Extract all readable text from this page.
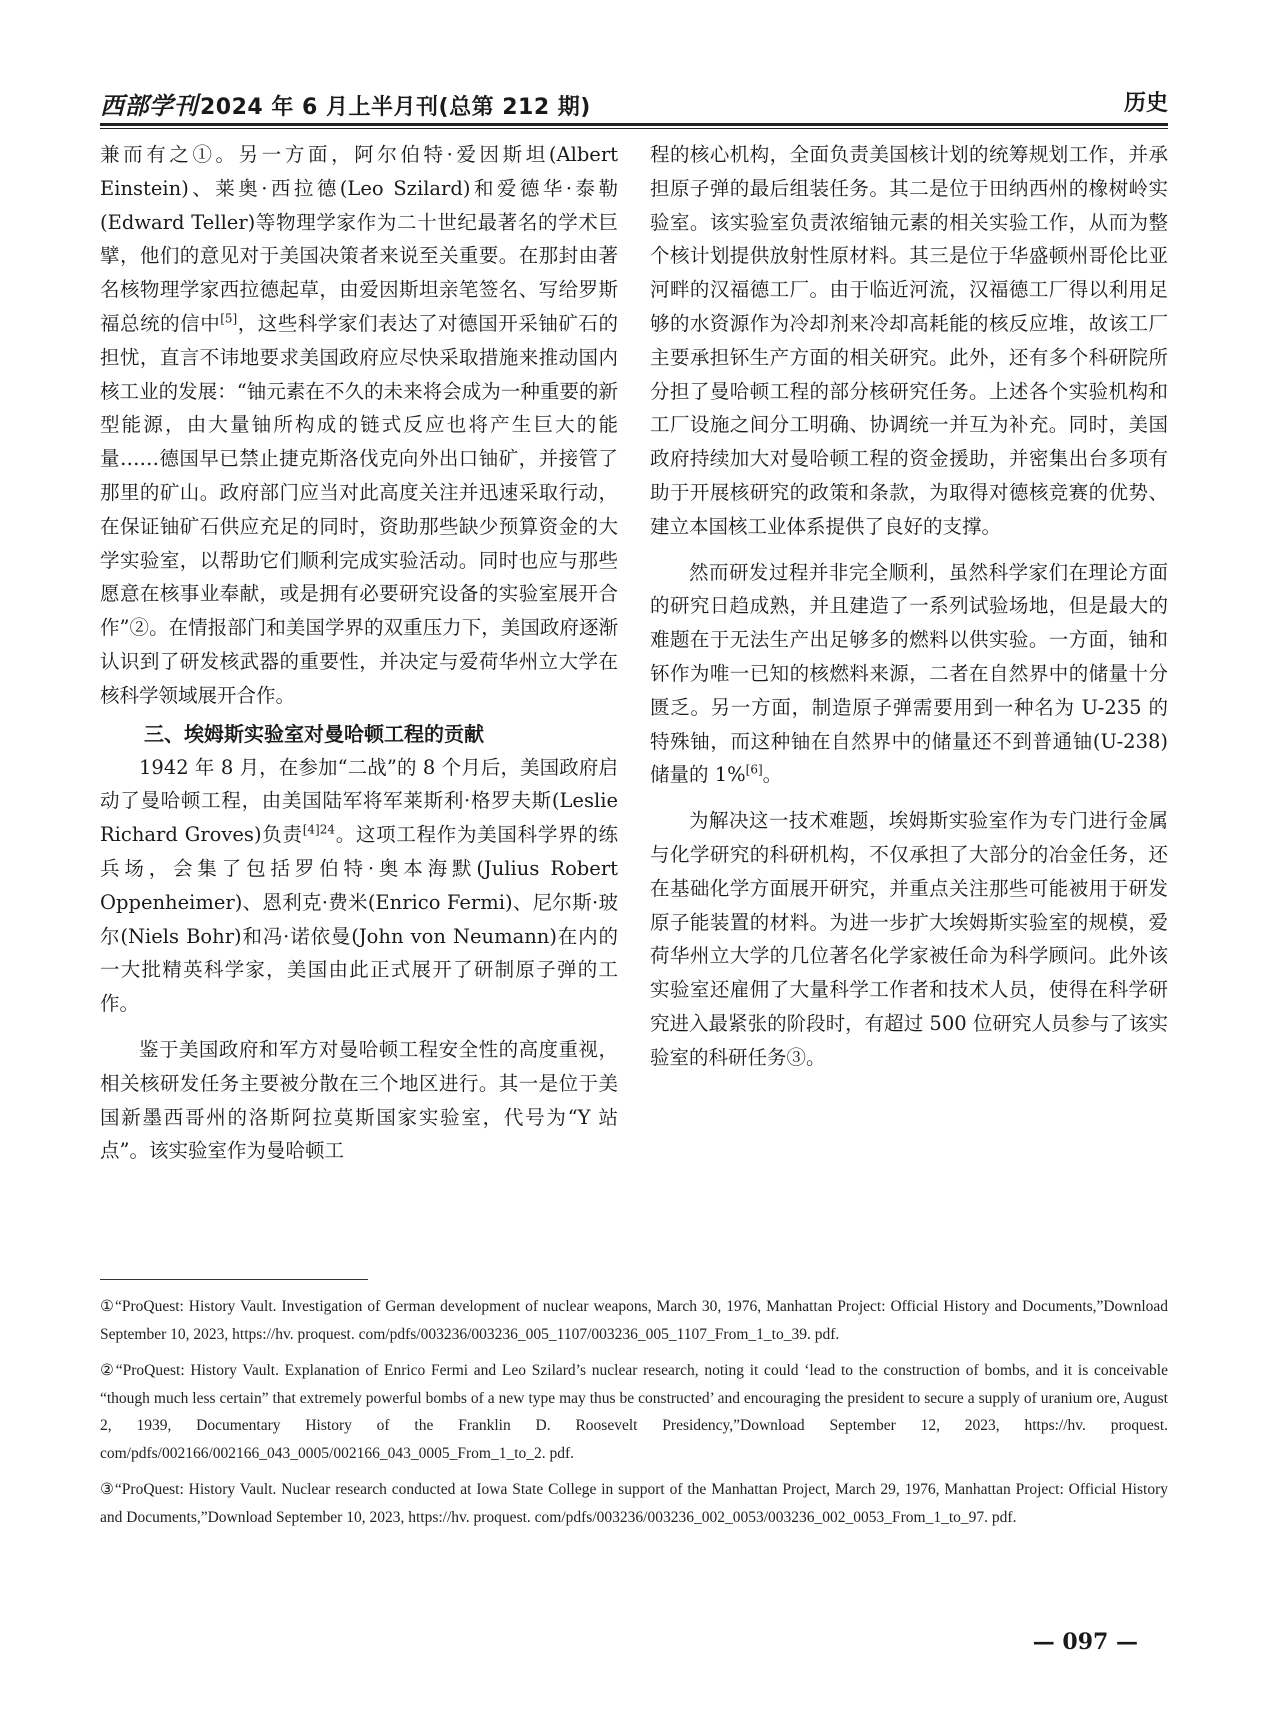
西部学刊2024 年 6 月上半月刊(总第 212 期)	历史

兼而有之①。另一方面，阿尔伯特·爱因斯坦(Albert Einstein)、莱奥·西拉德(Leo Szilard)和爱德华·泰勒(Edward Teller)等物理学家作为二十世纪最著名的学术巨擘，他们的意见对于美国决策者来说至关重要。在那封由著名核物理学家西拉德起草，由爱因斯坦亲笔签名、写给罗斯福总统的信中[5]，这些科学家们表达了对德国开采铀矿石的担忧，直言不讳地要求美国政府应尽快采取措施来推动国内核工业的发展：“铀元素在不久的未来将会成为一种重要的新型能源，由大量铀所构成的链式反应也将产生巨大的能量……德国早已禁止捷克斯洛伐克向外出口铀矿，并接管了那里的矿山。政府部门应当对此高度关注并迅速采取行动，在保证铀矿石供应充足的同时，资助那些缺少预算资金的大学实验室，以帮助它们顺利完成实验活动。同时也应与那些愿意在核事业奉献，或是拥有必要研究设备的实验室展开合作”②。在情报部门和美国学界的双重压力下，美国政府逐渐认识到了研发核武器的重要性，并决定与爱荷华州立大学在核科学领域展开合作。

三、埃姆斯实验室对曼哈顿工程的贡献

1942 年 8 月，在参加“二战”的 8 个月后，美国政府启动了曼哈顿工程，由美国陆军将军莱斯利·格罗夫斯(Leslie Richard Groves)负责$^{[4]24}$。这项工程作为美国科学界的练兵场，会集了包括罗伯特·奥本海默(Julius Robert Oppenheimer)、恩利克·费米(Enrico Fermi)、尼尔斯·玻尔(Niels Bohr)和冯·诺依曼(John von Neumann)在内的一大批精英科学家，美国由此正式展开了研制原子弹的工作。

鉴于美国政府和军方对曼哈顿工程安全性的高度重视，相关核研发任务主要被分散在三个地区进行。其一是位于美国新墨西哥州的洛斯阿拉莫斯国家实验室，代号为“Y 站点”。该实验室作为曼哈顿工

程的核心机构，全面负责美国核计划的统筹规划工作，并承担原子弹的最后组装任务。其二是位于田纳西州的橡树岭实验室。该实验室负责浓缩铀元素的相关实验工作，从而为整个核计划提供放射性原材料。其三是位于华盛顿州哥伦比亚河畔的汉福德工厂。由于临近河流，汉福德工厂得以利用足够的水资源作为冷却剂来冷却高耗能的核反应堆，故该工厂主要承担钚生产方面的相关研究。此外，还有多个科研院所分担了曼哈顿工程的部分核研究任务。上述各个实验机构和工厂设施之间分工明确、协调统一并互为补充。同时，美国政府持续加大对曼哈顿工程的资金援助，并密集出台多项有助于开展核研究的政策和条款，为取得对德核竞赛的优势、建立本国核工业体系提供了良好的支撑。

然而研发过程并非完全顺利，虽然科学家们在理论方面的研究日趋成熟，并且建造了一系列试验场地，但是最大的难题在于无法生产出足够多的燃料以供实验。一方面，铀和钚作为唯一已知的核燃料来源，二者在自然界中的储量十分匮乏。另一方面，制造原子弹需要用到一种名为 U-235 的特殊铀，而这种铀在自然界中的储量还不到普通铀(U-238)储量的 1%[6]。

为解决这一技术难题，埃姆斯实验室作为专门进行金属与化学研究的科研机构，不仅承担了大部分的冶金任务，还在基础化学方面展开研究，并重点关注那些可能被用于研发原子能装置的材料。为进一步扩大埃姆斯实验室的规模，爱荷华州立大学的几位著名化学家被任命为科学顾问。此外该实验室还雇佣了大量科学工作者和技术人员，使得在科学研究进入最紧张的阶段时，有超过 500 位研究人员参与了该实验室的科研任务③。

①“ProQuest: History Vault. Investigation of German development of nuclear weapons, March 30, 1976, Manhattan Project: Official History and Documents,”Download September 10, 2023, https://hv. proquest. com/pdfs/003236/003236_005_1107/003236_005_1107_From_1_to_39. pdf.

②“ProQuest: History Vault. Explanation of Enrico Fermi and Leo Szilard’s nuclear research, noting it could ‘lead to the construction of bombs, and it is conceivable “though much less certain” that extremely powerful bombs of a new type may thus be constructed’ and encouraging the president to secure a supply of uranium ore, August 2, 1939, Documentary History of the Franklin D. Roosevelt Presidency,”Download September 12, 2023, https://hv. proquest. com/pdfs/002166/002166_043_0005/002166_043_0005_From_1_to_2. pdf.

③“ProQuest: History Vault. Nuclear research conducted at Iowa State College in support of the Manhattan Project, March 29, 1976, Manhattan Project: Official History and Documents,”Download September 10, 2023, https://hv. proquest. com/pdfs/003236/003236_002_0053/003236_002_0053_From_1_to_97. pdf.

— 097 —
